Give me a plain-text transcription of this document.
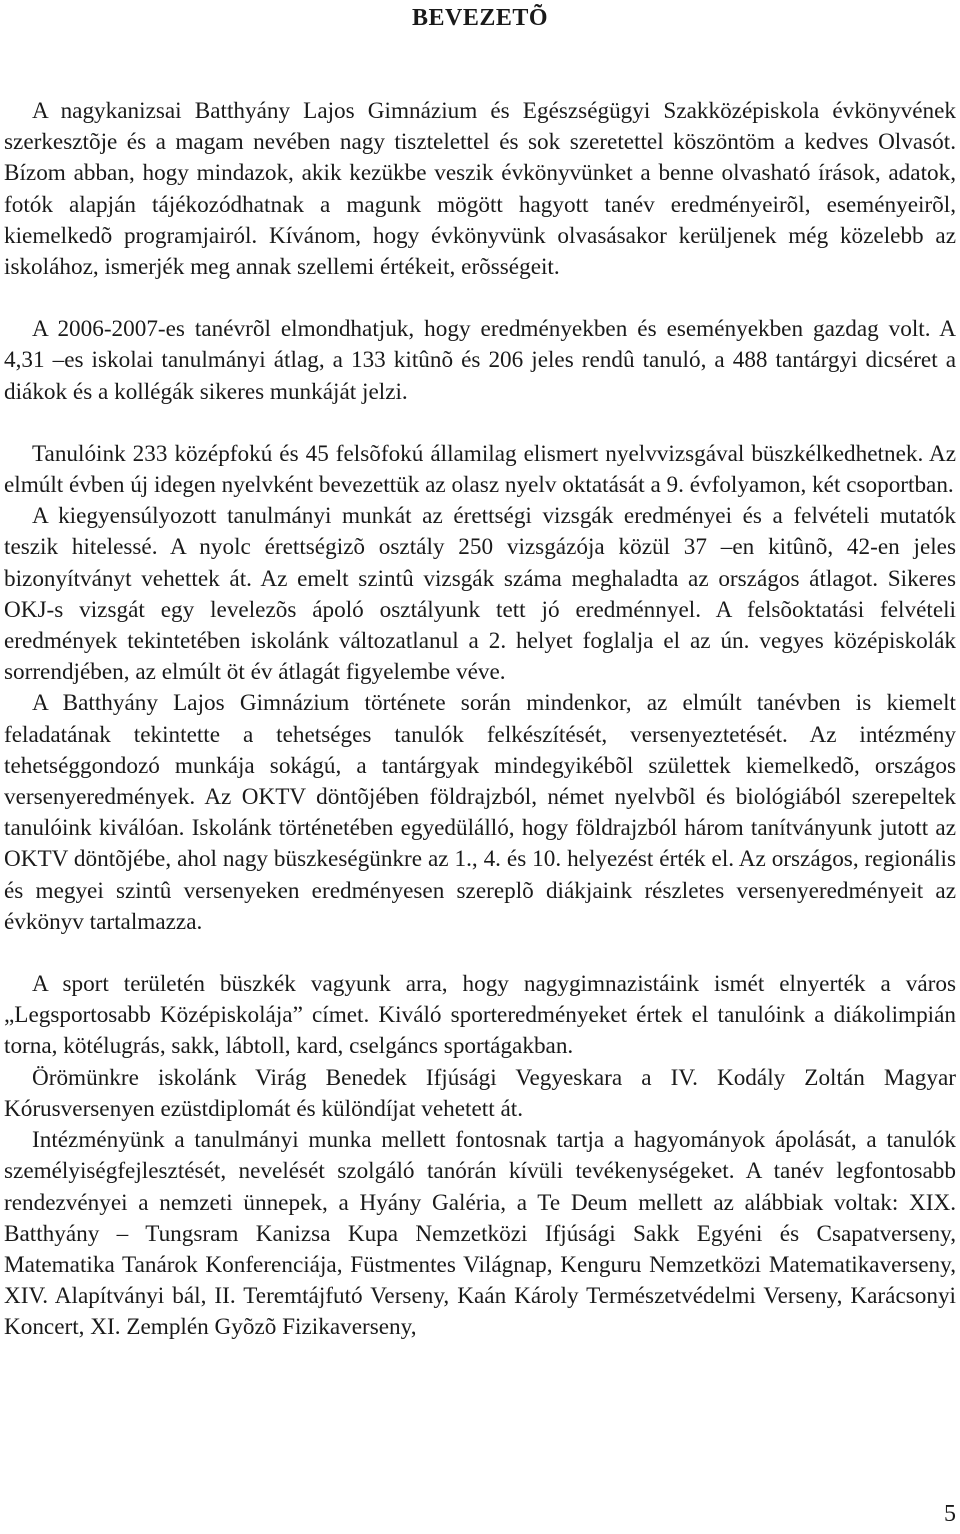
BEVEZETÕ

A nagykanizsai Batthyány Lajos Gimnázium és Egészségügyi Szakközépiskola évkönyvének szerkesztõje és a magam nevében nagy tisztelettel és sok szeretettel köszöntöm a kedves Olvasót. Bízom abban, hogy mindazok, akik kezükbe veszik évkönyvünket a benne olvasható írások, adatok, fotók alapján tájékozódhatnak a magunk mögött hagyott tanév eredményeirõl, eseményeirõl, kiemelkedõ programjairól. Kívánom, hogy évkönyvünk olvasásakor kerüljenek még közelebb az iskolához, ismerjék meg annak szellemi értékeit, erõsségeit.

A 2006-2007-es tanévrõl elmondhatjuk, hogy eredményekben és eseményekben gazdag volt. A 4,31 –es iskolai tanulmányi átlag, a 133 kitûnõ és 206 jeles rendû tanuló, a 488 tantárgyi dicséret a diákok és a kollégák sikeres munkáját jelzi.

Tanulóink 233 középfokú és 45 felsõfokú államilag elismert nyelvvizsgával büszkélkedhetnek. Az elmúlt évben új idegen nyelvként bevezettük az olasz nyelv oktatását a 9. évfolyamon, két csoportban.

A kiegyensúlyozott tanulmányi munkát az érettségi vizsgák eredményei és a felvételi mutatók teszik hitelessé. A nyolc érettségizõ osztály 250 vizsgázója közül 37 –en kitûnõ, 42-en jeles bizonyítványt vehettek át. Az emelt szintû vizsgák száma meghaladta az országos átlagot. Sikeres OKJ-s vizsgát egy levelezõs ápoló osztályunk tett jó eredménnyel. A felsõoktatási felvételi eredmények tekintetében iskolánk változatlanul a 2. helyet foglalja el az ún. vegyes középiskolák sorrendjében, az elmúlt öt év átlagát figyelembe véve.

A Batthyány Lajos Gimnázium története során mindenkor, az elmúlt tanévben is kiemelt feladatának tekintette a tehetséges tanulók felkészítését, versenyeztetését. Az intézmény tehetséggondozó munkája sokágú, a tantárgyak mindegyikébõl születtek kiemelkedõ, országos versenyeredmények. Az OKTV döntõjében földrajzból, német nyelvbõl és biológiából szerepeltek tanulóink kiválóan. Iskolánk történetében egyedülálló, hogy földrajzból három tanítványunk jutott az OKTV döntõjébe, ahol nagy büszkeségünkre az 1., 4. és 10. helyezést érték el. Az országos, regionális és megyei szintû versenyeken eredményesen szereplõ diákjaink részletes versenyeredményeit az évkönyv tartalmazza.

A sport területén büszkék vagyunk arra, hogy nagygimnazistáink ismét elnyerték a város „Legsportosabb Középiskolája” címet. Kiváló sporteredményeket értek el tanulóink a diákolimpián torna, kötélugrás, sakk, lábtoll, kard, cselgáncs sportágakban.

Örömünkre iskolánk Virág Benedek Ifjúsági Vegyeskara a IV. Kodály Zoltán Magyar Kórusversenyen ezüstdiplomát és különdíjat vehetett át.

Intézményünk a tanulmányi munka mellett fontosnak tartja a hagyományok ápolását, a tanulók személyiségfejlesztését, nevelését szolgáló tanórán kívüli tevékenységeket. A tanév legfontosabb rendezvényei a nemzeti ünnepek, a Hyány Galéria, a Te Deum mellett az alábbiak voltak: XIX. Batthyány – Tungsram Kanizsa Kupa Nemzetközi Ifjúsági Sakk Egyéni és Csapatverseny, Matematika Tanárok Konferenciája, Füstmentes Világnap, Kenguru Nemzetközi Matematikaverseny, XIV. Alapítványi bál, II. Teremtájfutó Verseny, Kaán Károly Természetvédelmi Verseny, Karácsonyi Koncert, XI. Zemplén Gyõzõ Fizikaverseny,

5
